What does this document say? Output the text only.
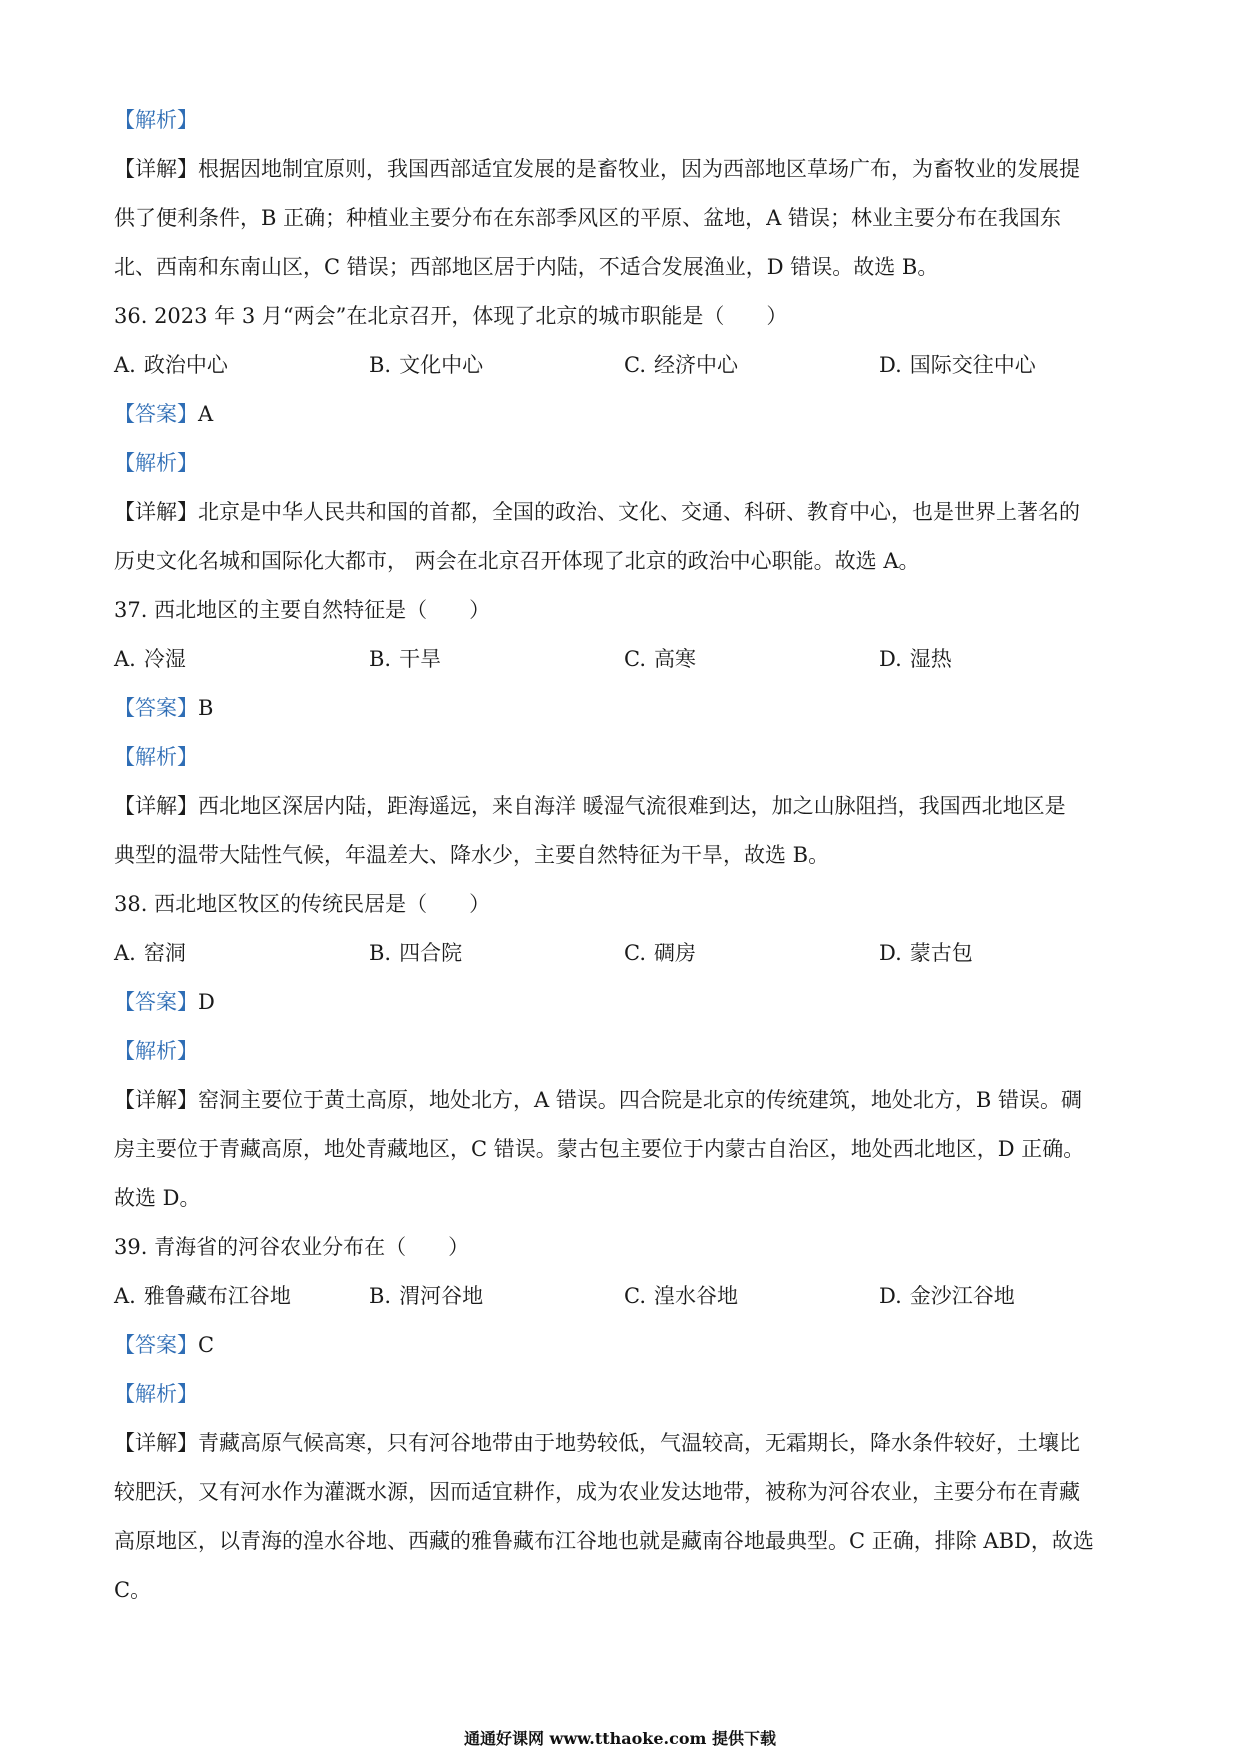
【解析】
【详解】根据因地制宜原则，我国西部适宜发展的是畜牧业，因为西部地区草场广布，为畜牧业的发展提
供了便利条件，B 正确；种植业主要分布在东部季风区的平原、盆地，A 错误；林业主要分布在我国东
北、西南和东南山区，C 错误；西部地区居于内陆，不适合发展渔业，D 错误。故选 B。
36. 2023 年 3 月“两会”在北京召开，体现了北京的城市职能是（　　）
A. 政治中心	B. 文化中心	C. 经济中心	D. 国际交往中心
【答案】A
【解析】
【详解】北京是中华人民共和国的首都，全国的政治、文化、交通、科研、教育中心，也是世界上著名的
历史文化名城和国际化大都市， 两会在北京召开体现了北京的政治中心职能。故选 A。
37. 西北地区的主要自然特征是（　　）
A. 冷湿	B. 干旱	C. 高寒	D. 湿热
【答案】B
【解析】
【详解】西北地区深居内陆，距海遥远，来自海洋 暖湿气流很难到达，加之山脉阻挡，我国西北地区是
典型的温带大陆性气候，年温差大、降水少，主要自然特征为干旱，故选 B。
38. 西北地区牧区的传统民居是（　　）
A. 窑洞	B. 四合院	C. 碉房	D. 蒙古包
【答案】D
【解析】
【详解】窑洞主要位于黄土高原，地处北方，A 错误。四合院是北京的传统建筑，地处北方，B 错误。碉
房主要位于青藏高原，地处青藏地区，C 错误。蒙古包主要位于内蒙古自治区，地处西北地区，D 正确。
故选 D。
39. 青海省的河谷农业分布在（　　）
A. 雅鲁藏布江谷地	B. 渭河谷地	C. 湟水谷地	D. 金沙江谷地
【答案】C
【解析】
【详解】青藏高原气候高寒，只有河谷地带由于地势较低，气温较高，无霜期长，降水条件较好，土壤比
较肥沃，又有河水作为灌溉水源，因而适宜耕作，成为农业发达地带，被称为河谷农业，主要分布在青藏
高原地区，以青海的湟水谷地、西藏的雅鲁藏布江谷地也就是藏南谷地最典型。C 正确，排除 ABD，故选
C。
通通好课网 www.tthaoke.com 提供下载
